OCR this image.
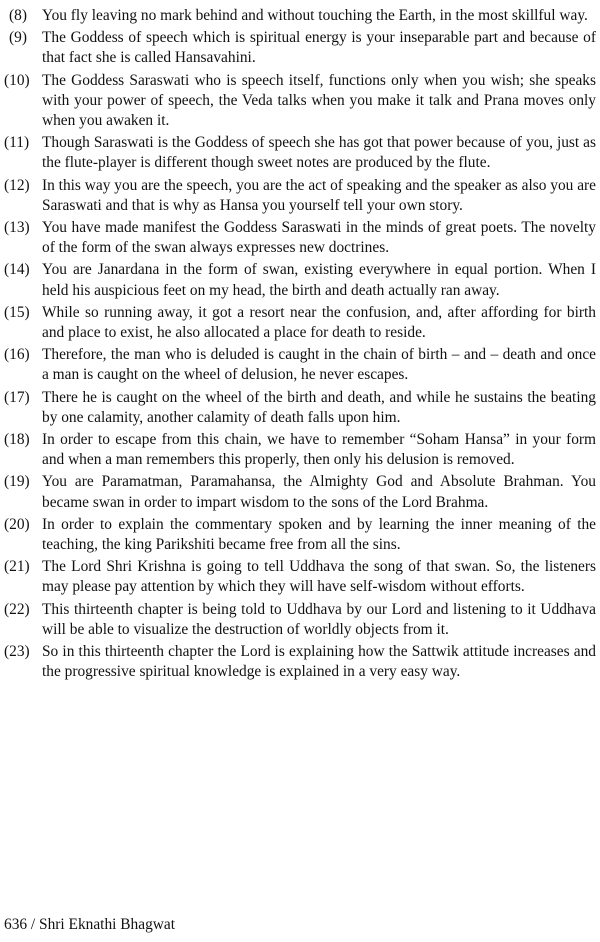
(8) You fly leaving no mark behind and without touching the Earth, in the most skillful way.
(9) The Goddess of speech which is spiritual energy is your inseparable part and because of that fact she is called Hansavahini.
(10) The Goddess Saraswati who is speech itself, functions only when you wish; she speaks with your power of speech, the Veda talks when you make it talk and Prana moves only when you awaken it.
(11) Though Saraswati is the Goddess of speech she has got that power because of you, just as the flute-player is different though sweet notes are produced by the flute.
(12) In this way you are the speech, you are the act of speaking and the speaker as also you are Saraswati and that is why as Hansa you yourself tell your own story.
(13) You have made manifest the Goddess Saraswati in the minds of great poets. The novelty of the form of the swan always expresses new doctrines.
(14) You are Janardana in the form of swan, existing everywhere in equal portion. When I held his auspicious feet on my head, the birth and death actually ran away.
(15) While so running away, it got a resort near the confusion, and, after affording for birth and place to exist, he also allocated a place for death to reside.
(16) Therefore, the man who is deluded is caught in the chain of birth – and – death and once a man is caught on the wheel of delusion, he never escapes.
(17) There he is caught on the wheel of the birth and death, and while he sustains the beating by one calamity, another calamity of death falls upon him.
(18) In order to escape from this chain, we have to remember “Soham Hansa” in your form and when a man remembers this properly, then only his delusion is removed.
(19) You are Paramatman, Paramahansa, the Almighty God and Absolute Brahman. You became swan in order to impart wisdom to the sons of the Lord Brahma.
(20) In order to explain the commentary spoken and by learning the inner meaning of the teaching, the king Parikshiti became free from all the sins.
(21) The Lord Shri Krishna is going to tell Uddhava the song of that swan. So, the listeners may please pay attention by which they will have self-wisdom without efforts.
(22) This thirteenth chapter is being told to Uddhava by our Lord and listening to it Uddhava will be able to visualize the destruction of worldly objects from it.
(23) So in this thirteenth chapter the Lord is explaining how the Sattwik attitude increases and the progressive spiritual knowledge is explained in a very easy way.
636 / Shri Eknathi Bhagwat
